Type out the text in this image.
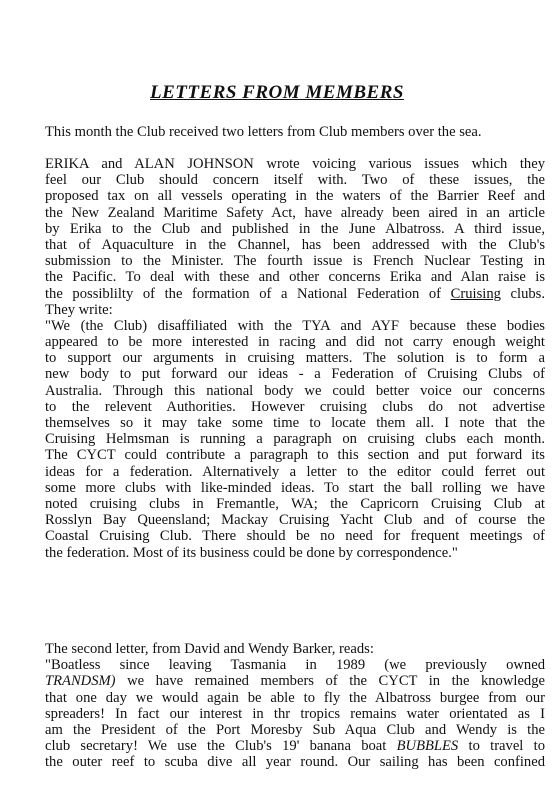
LETTERS FROM MEMBERS
This month the Club received two letters from Club members over the sea.
ERIKA and ALAN JOHNSON wrote voicing various issues which they
feel our Club should concern itself with. Two of these issues, the
proposed tax on all vessels operating in the waters of the Barrier Reef and
the New Zealand Maritime Safety Act, have already been aired in an article
by Erika to the Club and published in the June Albatross. A third issue,
that of Aquaculture in the Channel, has been addressed with the Club's
submission to the Minister. The fourth issue is French Nuclear Testing in
the Pacific. To deal with these and other concerns Erika and Alan raise is
the possiblilty of the formation of a National Federation of Cruising clubs.
They write:
"We (the Club) disaffiliated with the TYA and AYF because these bodies
appeared to be more interested in racing and did not carry enough weight
to support our arguments in cruising matters. The solution is to form a
new body to put forward our ideas - a Federation of Cruising Clubs of
Australia. Through this national body we could better voice our concerns
to the relevent Authorities. However cruising clubs do not advertise
themselves so it may take some time to locate them all. I note that the
Cruising Helmsman is running a paragraph on cruising clubs each month.
The CYCT could contribute a paragraph to this section and put forward its
ideas for a federation. Alternatively a letter to the editor could ferret out
some more clubs with like-minded ideas. To start the ball rolling we have
noted cruising clubs in Fremantle, WA; the Capricorn Cruising Club at
Rosslyn Bay Queensland; Mackay Cruising Yacht Club and of course the
Coastal Cruising Club. There should be no need for frequent meetings of
the federation. Most of its business could be done by correspondence."
The second letter, from David and Wendy Barker, reads:
"Boatless since leaving Tasmania in 1989 (we previously owned
TRANDSM) we have remained members of the CYCT in the knowledge
that one day we would again be able to fly the Albatross burgee from our
spreaders! In fact our interest in thr tropics remains water orientated as I
am the President of the Port Moresby Sub Aqua Club and Wendy is the
club secretary! We use the Club's 19' banana boat BUBBLES to travel to
the outer reef to scuba dive all year round. Our sailing has been confined
